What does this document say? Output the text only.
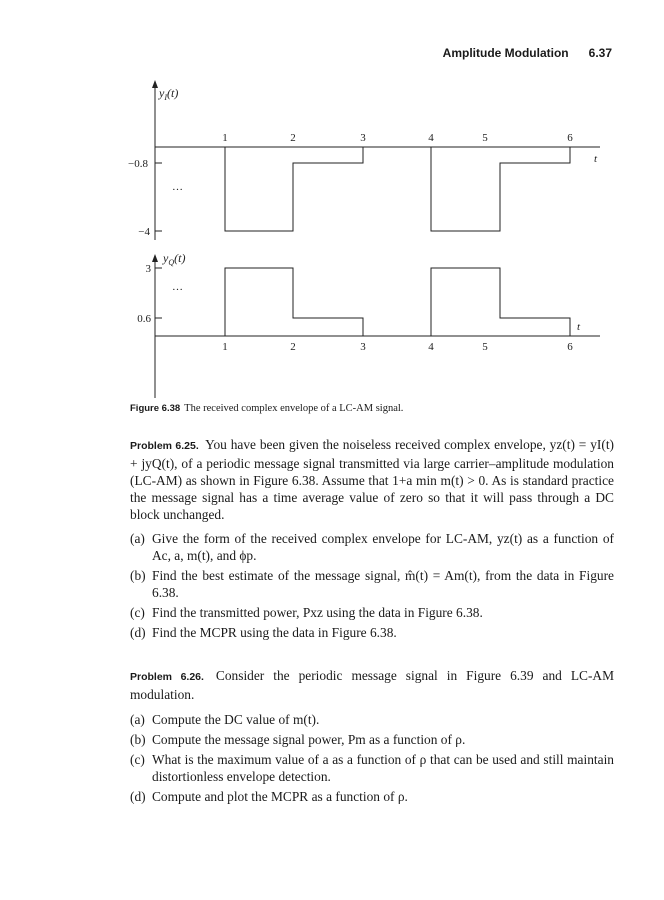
Amplitude Modulation 6.37
$y_I(t)$
t
−0.8
−4
…
1	2	3	4	5	6
$y_Q(t)$
t
3
0.6
…
1	2	3	4	5	6
Figure 6.38 The received complex envelope of a LC-AM signal.
Problem 6.25. You have been given the noiseless received complex envelope, yz(t) = yI(t) + jyQ(t), of a periodic message signal transmitted via large carrier–amplitude modulation (LC-AM) as shown in Figure 6.38. Assume that 1+a min m(t) > 0. As is standard practice the message signal has a time average value of zero so that it will pass through a DC block unchanged.
(a) Give the form of the received complex envelope for LC-AM, yz(t) as a function of Ac, a, m(t), and ϕp.
(b) Find the best estimate of the message signal, m̂(t) = Am(t), from the data in Figure 6.38.
(c) Find the transmitted power, Pxz using the data in Figure 6.38.
(d) Find the MCPR using the data in Figure 6.38.
Problem 6.26. Consider the periodic message signal in Figure 6.39 and LC-AM modulation.
(a) Compute the DC value of m(t).
(b) Compute the message signal power, Pm as a function of ρ.
(c) What is the maximum value of a as a function of ρ that can be used and still maintain distortionless envelope detection.
(d) Compute and plot the MCPR as a function of ρ.
